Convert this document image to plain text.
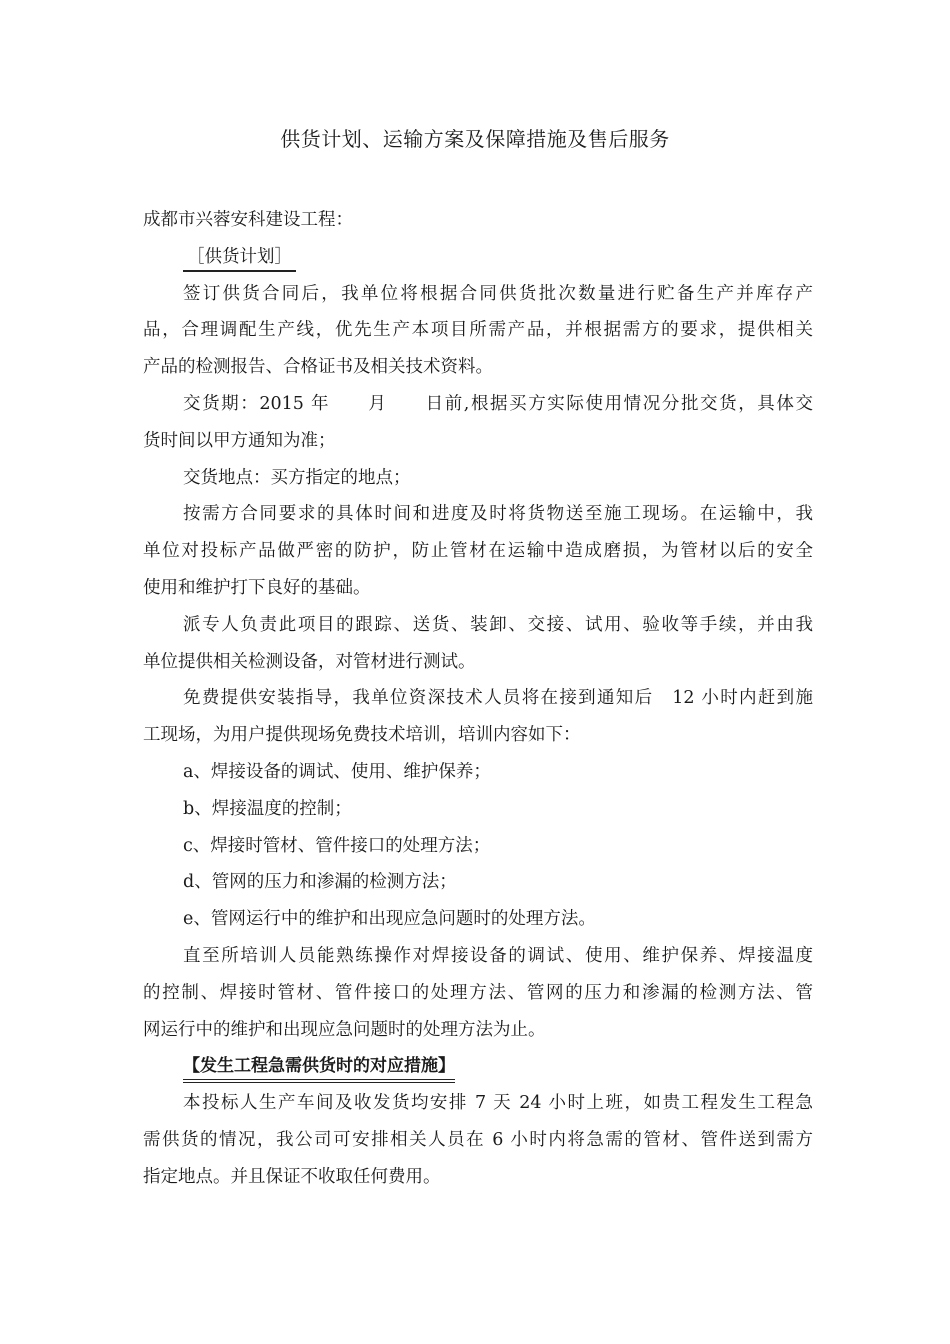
供货计划、运输方案及保障措施及售后服务
成都市兴蓉安科建设工程：
［供货计划］
签订供货合同后，我单位将根据合同供货批次数量进行贮备生产并库存产
品，合理调配生产线，优先生产本项目所需产品，并根据需方的要求，提供相关
产品的检测报告、合格证书及相关技术资料。
交货期：2015 年　　月　　日前,根据买方实际使用情况分批交货，具体交
货时间以甲方通知为准；
交货地点：买方指定的地点；
按需方合同要求的具体时间和进度及时将货物送至施工现场。在运输中，我
单位对投标产品做严密的防护，防止管材在运输中造成磨损，为管材以后的安全
使用和维护打下良好的基础。
派专人负责此项目的跟踪、送货、装卸、交接、试用、验收等手续，并由我
单位提供相关检测设备，对管材进行测试。
免费提供安装指导，我单位资深技术人员将在接到通知后　12 小时内赶到施
工现场，为用户提供现场免费技术培训，培训内容如下：
a、焊接设备的调试、使用、维护保养；
b、焊接温度的控制；
c、焊接时管材、管件接口的处理方法；
d、管网的压力和渗漏的检测方法；
e、管网运行中的维护和出现应急问题时的处理方法。
直至所培训人员能熟练操作对焊接设备的调试、使用、维护保养、焊接温度
的控制、焊接时管材、管件接口的处理方法、管网的压力和渗漏的检测方法、管
网运行中的维护和出现应急问题时的处理方法为止。
【发生工程急需供货时的对应措施】
本投标人生产车间及收发货均安排 7 天 24 小时上班，如贵工程发生工程急
需供货的情况，我公司可安排相关人员在 6 小时内将急需的管材、管件送到需方
指定地点。并且保证不收取任何费用。
